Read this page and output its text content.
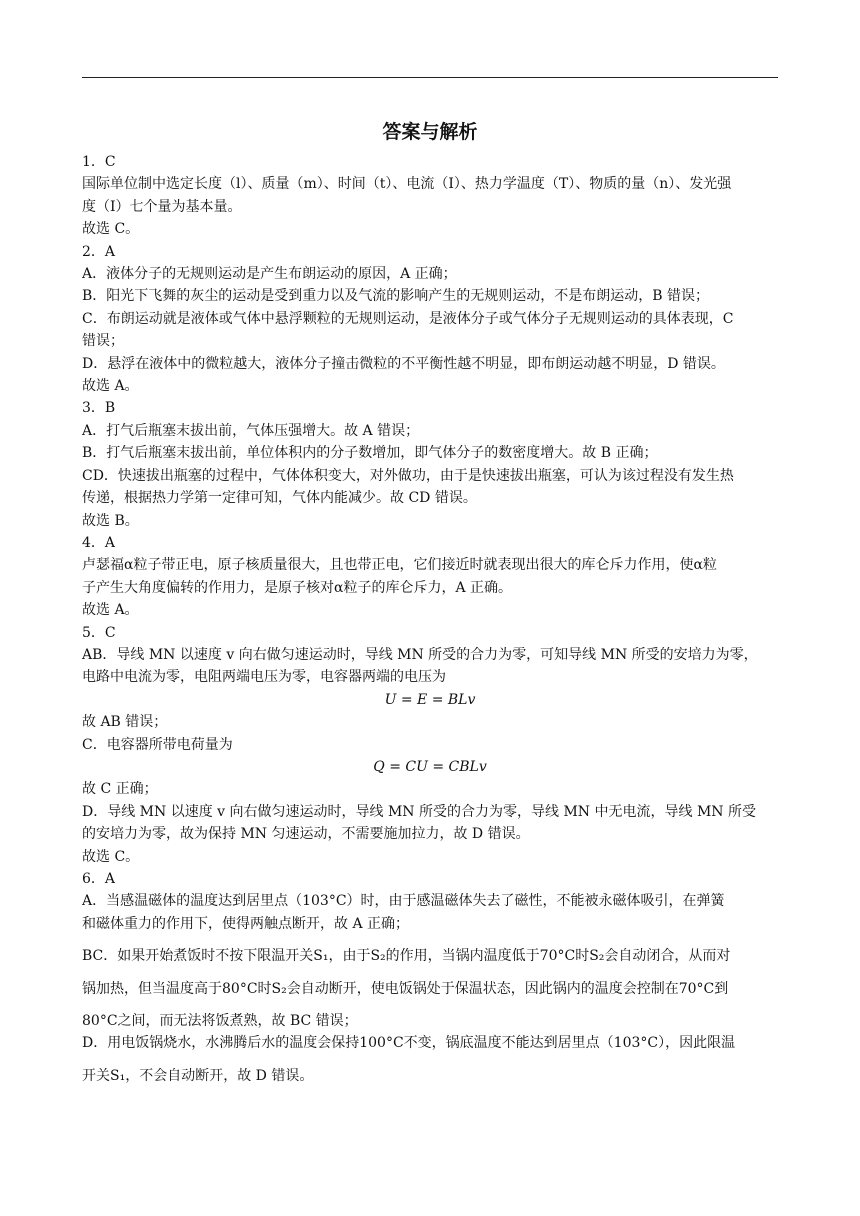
答案与解析
1．C
国际单位制中选定长度（l）、质量（m）、时间（t）、电流（I）、热力学温度（T）、物质的量（n）、发光强
度（I）七个量为基本量。
故选 C。
2．A
A．液体分子的无规则运动是产生布朗运动的原因，A 正确；
B．阳光下飞舞的灰尘的运动是受到重力以及气流的影响产生的无规则运动，不是布朗运动，B 错误；
C．布朗运动就是液体或气体中悬浮颗粒的无规则运动，是液体分子或气体分子无规则运动的具体表现，C
错误；
D．悬浮在液体中的微粒越大，液体分子撞击微粒的不平衡性越不明显，即布朗运动越不明显，D 错误。
故选 A。
3．B
A．打气后瓶塞末拔出前，气体压强增大。故 A 错误；
B．打气后瓶塞末拔出前，单位体积内的分子数增加，即气体分子的数密度增大。故 B 正确；
CD．快速拔出瓶塞的过程中，气体体积变大，对外做功，由于是快速拔出瓶塞，可认为该过程没有发生热
传递，根据热力学第一定律可知，气体内能减少。故 CD 错误。
故选 B。
4．A
卢瑟福α粒子带正电，原子核质量很大，且也带正电，它们接近时就表现出很大的库仑斥力作用，使α粒
子产生大角度偏转的作用力，是原子核对α粒子的库仑斥力，A 正确。
故选 A。
5．C
AB．导线 MN 以速度 v 向右做匀速运动时，导线 MN 所受的合力为零，可知导线 MN 所受的安培力为零，
电路中电流为零，电阻两端电压为零，电容器两端的电压为
U = E = BLv
故 AB 错误；
C．电容器所带电荷量为
Q = CU = CBLv
故 C 正确；
D．导线 MN 以速度 v 向右做匀速运动时，导线 MN 所受的合力为零，导线 MN 中无电流，导线 MN 所受
的安培力为零，故为保持 MN 匀速运动，不需要施加拉力，故 D 错误。
故选 C。
6．A
A．当感温磁体的温度达到居里点（103°C）时，由于感温磁体失去了磁性，不能被永磁体吸引，在弹簧
和磁体重力的作用下，使得两触点断开，故 A 正确；
BC．如果开始煮饭时不按下限温开关S₁，由于S₂的作用，当锅内温度低于70°C时S₂会自动闭合，从而对
锅加热，但当温度高于80°C时S₂会自动断开，使电饭锅处于保温状态，因此锅内的温度会控制在70°C到
80°C之间，而无法将饭煮熟，故 BC 错误；
D．用电饭锅烧水，水沸腾后水的温度会保持100°C不变，锅底温度不能达到居里点（103°C），因此限温
开关S₁，不会自动断开，故 D 错误。
